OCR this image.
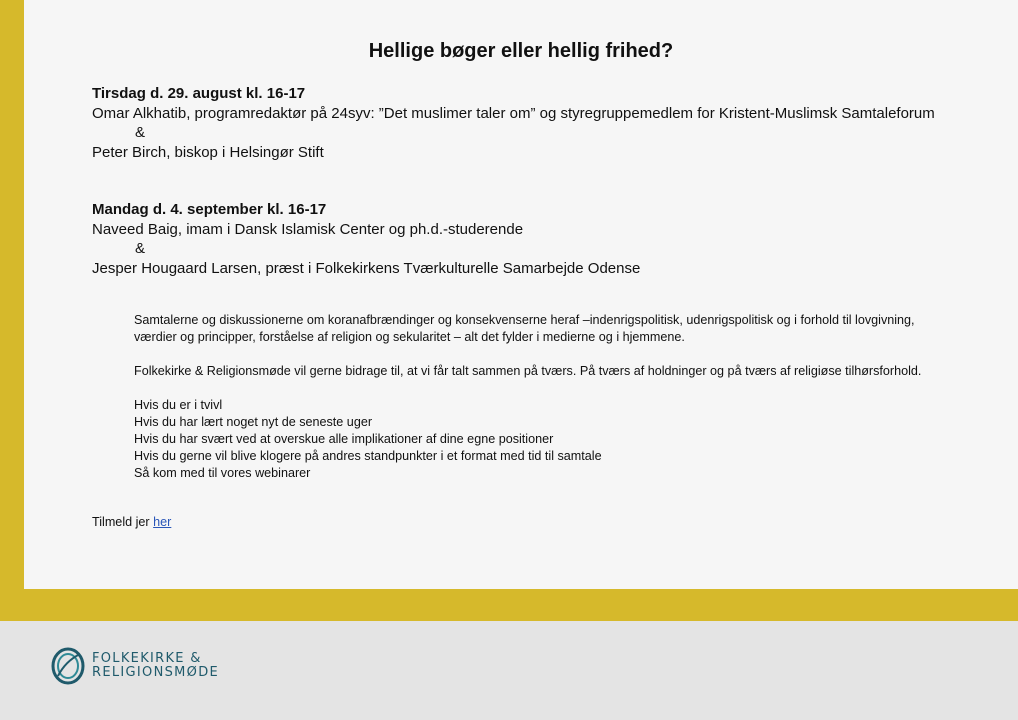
Hellige bøger eller hellig frihed?
Tirsdag d. 29. august kl. 16-17
Omar Alkhatib, programredaktør på 24syv: ”Det muslimer taler om” og styregruppemedlem for Kristent-Muslimsk Samtaleforum
&
Peter Birch, biskop i Helsingør Stift
Mandag d. 4. september kl. 16-17
Naveed Baig, imam i Dansk Islamisk Center og ph.d.-studerende
&
Jesper Hougaard Larsen, præst i Folkekirkens Tværkulturelle Samarbejde Odense
Samtalerne og diskussionerne om koranafbrændinger og konsekvenserne heraf –indenrigspolitisk, udenrigspolitisk og i forhold til lovgivning,
værdier og principper, forståelse af religion og sekularitet – alt det fylder i medierne og i hjemmene.
Folkekirke & Religionsmøde vil gerne bidrage til, at vi får talt sammen på tværs. På tværs af holdninger og på tværs af religiøse tilhørsforhold.
Hvis du er i tvivl
Hvis du har lært noget nyt de seneste uger
Hvis du har svært ved at overskue alle implikationer af dine egne positioner
Hvis du gerne vil blive klogere på andres standpunkter i et format med tid til samtale
Så kom med til vores webinarer
Tilmeld jer her
FOLKEKIRKE &
RELIGIONSMØDE
